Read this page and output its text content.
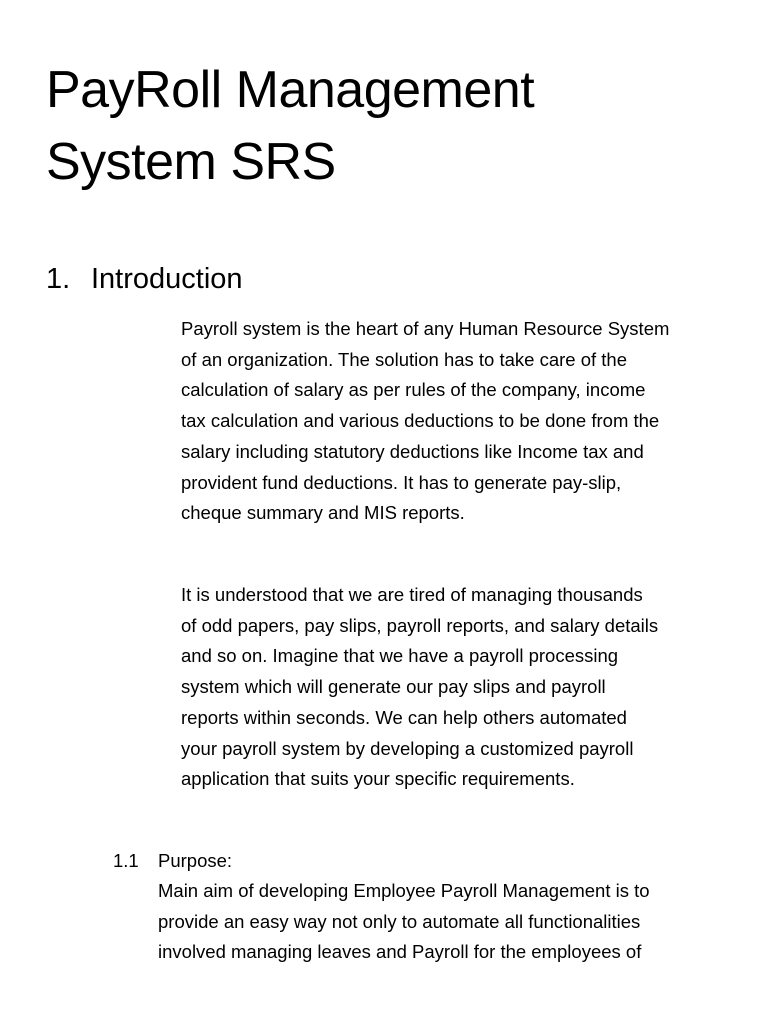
PayRoll Management
System SRS
1. Introduction

Payroll system is the heart of any Human Resource System
of an organization. The solution has to take care of the
calculation of salary as per rules of the company, income
tax calculation and various deductions to be done from the
salary including statutory deductions like Income tax and
provident fund deductions. It has to generate pay-slip,
cheque summary and MIS reports.

It is understood that we are tired of managing thousands
of odd papers, pay slips, payroll reports, and salary details
and so on. Imagine that we have a payroll processing
system which will generate our pay slips and payroll
reports within seconds. We can help others automated
your payroll system by developing a customized payroll
application that suits your specific requirements.

1.1 Purpose:

Main aim of developing Employee Payroll Management is to
provide an easy way not only to automate all functionalities
involved managing leaves and Payroll for the employees of
